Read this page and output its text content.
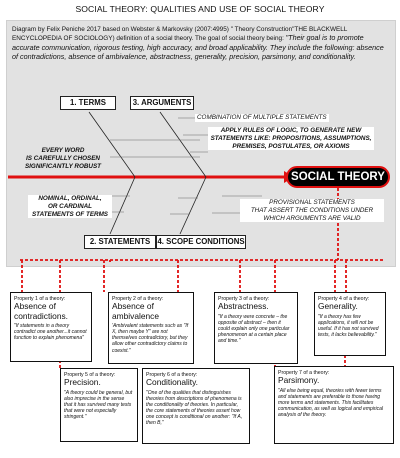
SOCIAL THEORY: QUALITIES AND USE OF SOCIAL THEORY
Diagram by Felix Peniche 2017 based on Webster & Markovsky (2007:4995) " Theory Construction"THE BLACKWELL ENCYCLOPEDIA OF SOCIOLOGY) definition of a social theory. The goal of social theory being: "Their goal is to promote accurate communication, rigorous testing, high accuracy, and broad applicability. They include the following: absence of contradictions, absence of ambivalence, abstractness, generality, precision, parsimony, and conditionality.
1. TERMS	3. ARGUMENTS
COMBINATION OF MULTIPLE STATEMENTS
APPLY RULES OF LOGIC, TO GENERATE NEW
STATEMENTS LIKE: PROPOSITIONS, ASSUMPTIONS,
PREMISES, POSTULATES, OR AXIOMS
EVERY WORD
IS CAREFULLY CHOSEN
SIGNIFICANTLY ROBUST
SOCIAL THEORY
NOMINAL, ORDINAL,
OR CARDINAL
STATEMENTS OF TERMS
PROVISIONAL STATEMENTS
THAT ASSERT THE CONDITIONS UNDER
WHICH ARGUMENTS ARE VALID
2. STATEMENTS 4. SCOPE CONDITIONS
Property 1 of a theory:
Absence of contradictions.
"If statements in a theory contradict one another...it cannot function to explain phenomena"
Property 2 of a theory:
Absence of ambivalence
'Ambivalent statements such as "If X, then maybe Y" are not themselves contradictory, but they allow other contradictory claims to coexist."
Property 3 of a theory:
Abstractness.
"If a theory were concrete – the opposite of abstract – then it could explain only one particular phenomenon at a certain place and time."
Property 4 of a theory:
Generality.
"If a theory has few applications, it will not be useful. If it has not survived tests, it lacks believability."
Property 5 of a theory:
Precision.
"A theory could be general, but also imprecise in the sense that it has survived many tests that were not especially stringent."
Property 6 of a theory:
Conditionality.
"One of the qualities that distinguishes theories from descriptions of phenomena is the conditionality of theories. In particular, the core statements of theories assert how one concept is conditional on another: "If A, then B,"
Property 7 of a theory:
Parsimony.
"All else being equal, theories with fewer terms and statements are preferable to those having more terms and statements. This facilitates communication, as well as logical and empirical analysis of the theory.
